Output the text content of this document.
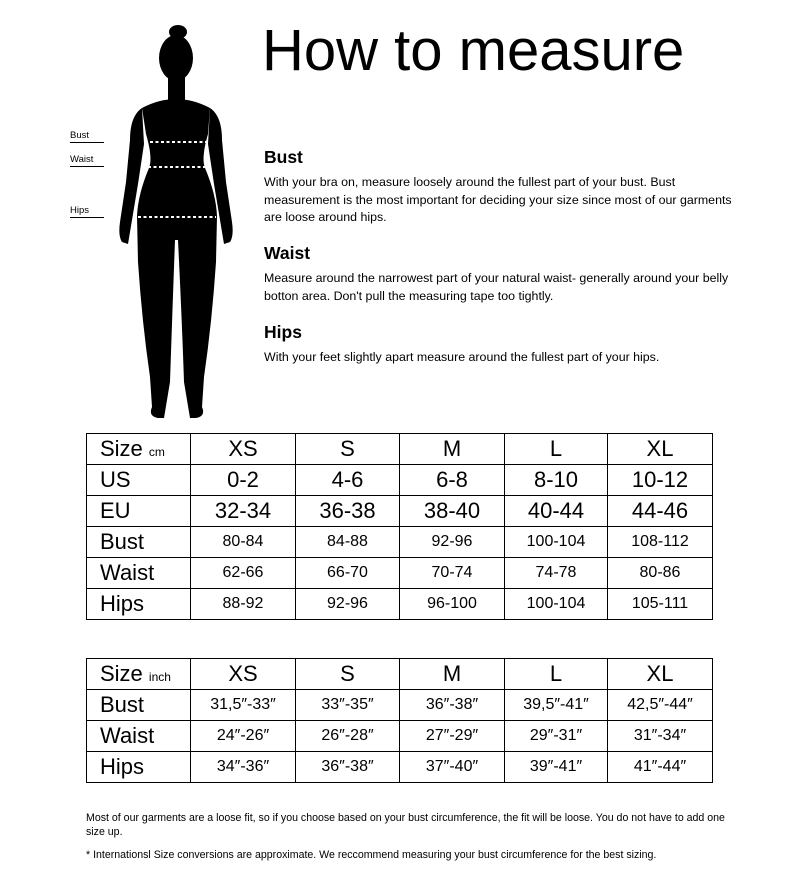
Bust
Waist
Hips
How to measure
Bust

With your bra on, measure loosely around the fullest part of your bust. Bust measurement is the most important for deciding your size since most of our garments are loose around hips.

Waist

Measure around the narrowest part of your natural waist- generally around your belly botton area. Don't pull the measuring tape too tightly.

Hips

With your feet slightly apart measure around the fullest part of your hips.

Size cm	XS	S	M	L	XL
US	0-2	4-6	6-8	8-10	10-12
EU	32-34	36-38	38-40	40-44	44-46
Bust	80-84	84-88	92-96	100-104	108-112
Waist	62-66	66-70	70-74	74-78	80-86
Hips	88-92	92-96	96-100	100-104	105-111
Size inch	XS	S	M	L	XL
Bust	31,5″-33″	33″-35″	36″-38″	39,5″-41″	42,5″-44″
Waist	24″-26″	26″-28″	27″-29″	29″-31″	31″-34″
Hips	34″-36″	36″-38″	37″-40″	39″-41″	41″-44″

Most of our garments are a loose fit, so if you choose based on your bust circumference, the fit will be loose. You do not have to add one size up.

* Internationsl Size conversions are approximate. We reccommend measuring your bust circumference for the best sizing.
